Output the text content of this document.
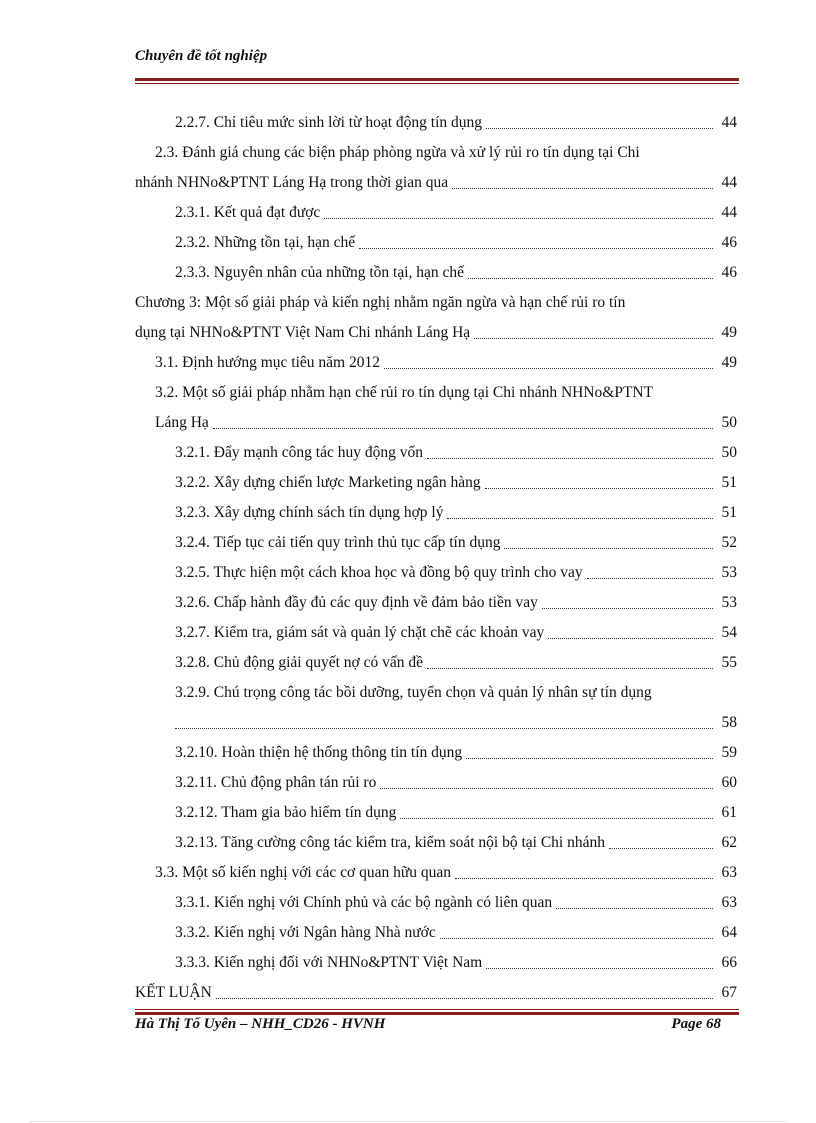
Chuyên đề tốt nghiệp
2.2.7. Chỉ tiêu mức sinh lời từ hoạt động tín dụng	44
2.3. Đánh giá chung các biện pháp phòng ngừa và xử lý rủi ro tín dụng tại Chi
nhánh NHNo&PTNT Láng Hạ trong thời gian qua	44
2.3.1. Kết quả đạt được	44
2.3.2. Những tồn tại, hạn chế	46
2.3.3. Nguyên nhân của những tồn tại, hạn chế	46
Chương 3: Một số giải pháp và kiến nghị nhằm ngăn ngừa và hạn chế rủi ro tín
dụng tại NHNo&PTNT Việt Nam Chi nhánh Láng Hạ	49
3.1. Định hướng mục tiêu năm 2012	49
3.2. Một số giải pháp nhằm hạn chế rủi ro tín dụng tại Chi nhánh NHNo&PTNT
Láng Hạ	50
3.2.1. Đẩy mạnh công tác huy động vốn	50
3.2.2. Xây dựng chiến lược Marketing ngân hàng	51
3.2.3. Xây dựng chính sách tín dụng hợp lý	51
3.2.4. Tiếp tục cải tiến quy trình thủ tục cấp tín dụng	52
3.2.5. Thực hiện một cách khoa học và đồng bộ quy trình cho vay	53
3.2.6. Chấp hành đầy đủ các quy định về đảm bảo tiền vay	53
3.2.7. Kiểm tra, giám sát và quản lý chặt chẽ các khoản vay	54
3.2.8. Chủ động giải quyết nợ có vấn đề	55
3.2.9. Chú trọng công tác bồi dưỡng, tuyển chọn và quản lý nhân sự tín dụng
58
3.2.10. Hoàn thiện hệ thống thông tin tín dụng	59
3.2.11. Chủ động phân tán rủi ro	60
3.2.12. Tham gia bảo hiểm tín dụng	61
3.2.13. Tăng cường công tác kiểm tra, kiểm soát nội bộ tại Chi nhánh	62
3.3. Một số kiến nghị với các cơ quan hữu quan	63
3.3.1. Kiến nghị với Chính phủ và các bộ ngành có liên quan	63
3.3.2. Kiến nghị với Ngân hàng Nhà nước	64
3.3.3. Kiến nghị đối với NHNo&PTNT Việt Nam	66
KẾT LUẬN	67
Hà Thị Tố Uyên – NHH_CD26 - HVNH	Page 68
